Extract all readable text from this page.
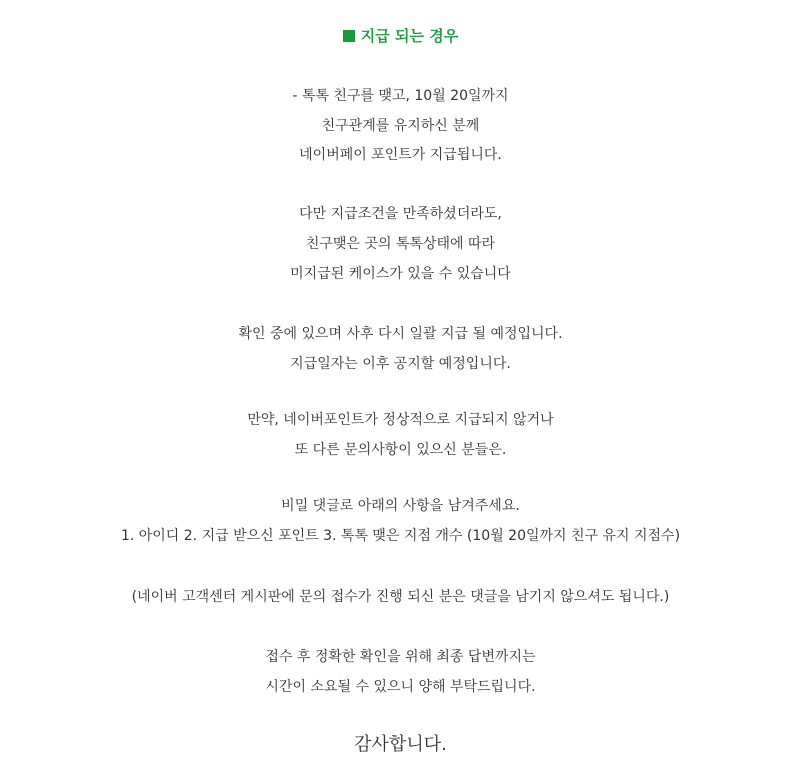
지급 되는 경우
- 톡톡 친구를 맺고, 10월 20일까지
친구관계를 유지하신 분께
네이버페이 포인트가 지급됩니다.
다만 지급조건을 만족하셨더라도,
친구맺은 곳의 톡톡상태에 따라
미지급된 케이스가 있을 수 있습니다
확인 중에 있으며 사후 다시 일괄 지급 될 예정입니다.
지급일자는 이후 공지할 예정입니다.
만약, 네이버포인트가 정상적으로 지급되지 않거나
또 다른 문의사항이 있으신 분들은.
비밀 댓글로 아래의 사항을 남겨주세요.
1. 아이디 2. 지급 받으신 포인트 3. 톡톡 맺은 지점 개수 (10월 20일까지 친구 유지 지점수)
(네이버 고객센터 게시판에 문의 접수가 진행 되신 분은 댓글을 남기지 않으셔도 됩니다.)
접수 후 정확한 확인을 위해 최종 답변까지는
시간이 소요될 수 있으니 양해 부탁드립니다.
감사합니다.
